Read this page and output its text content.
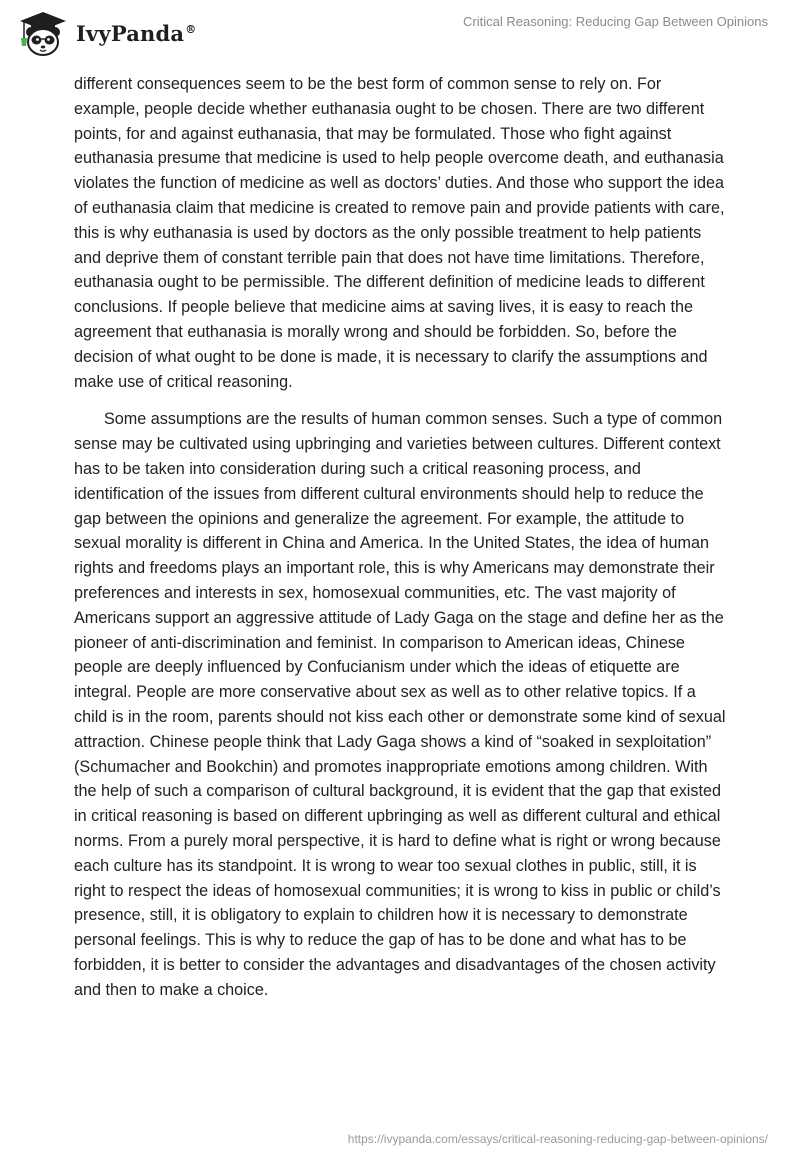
IvyPanda®	Critical Reasoning: Reducing Gap Between Opinions

different consequences seem to be the best form of common sense to rely on. For example, people decide whether euthanasia ought to be chosen. There are two different points, for and against euthanasia, that may be formulated. Those who fight against euthanasia presume that medicine is used to help people overcome death, and euthanasia violates the function of medicine as well as doctors’ duties. And those who support the idea of euthanasia claim that medicine is created to remove pain and provide patients with care, this is why euthanasia is used by doctors as the only possible treatment to help patients and deprive them of constant terrible pain that does not have time limitations. Therefore, euthanasia ought to be permissible. The different definition of medicine leads to different conclusions. If people believe that medicine aims at saving lives, it is easy to reach the agreement that euthanasia is morally wrong and should be forbidden. So, before the decision of what ought to be done is made, it is necessary to clarify the assumptions and make use of critical reasoning.

Some assumptions are the results of human common senses. Such a type of common sense may be cultivated using upbringing and varieties between cultures. Different context has to be taken into consideration during such a critical reasoning process, and identification of the issues from different cultural environments should help to reduce the gap between the opinions and generalize the agreement. For example, the attitude to sexual morality is different in China and America. In the United States, the idea of human rights and freedoms plays an important role, this is why Americans may demonstrate their preferences and interests in sex, homosexual communities, etc. The vast majority of Americans support an aggressive attitude of Lady Gaga on the stage and define her as the pioneer of anti-discrimination and feminist. In comparison to American ideas, Chinese people are deeply influenced by Confucianism under which the ideas of etiquette are integral. People are more conservative about sex as well as to other relative topics. If a child is in the room, parents should not kiss each other or demonstrate some kind of sexual attraction. Chinese people think that Lady Gaga shows a kind of “soaked in sexploitation” (Schumacher and Bookchin) and promotes inappropriate emotions among children. With the help of such a comparison of cultural background, it is evident that the gap that existed in critical reasoning is based on different upbringing as well as different cultural and ethical norms. From a purely moral perspective, it is hard to define what is right or wrong because each culture has its standpoint. It is wrong to wear too sexual clothes in public, still, it is right to respect the ideas of homosexual communities; it is wrong to kiss in public or child’s presence, still, it is obligatory to explain to children how it is necessary to demonstrate personal feelings. This is why to reduce the gap of has to be done and what has to be forbidden, it is better to consider the advantages and disadvantages of the chosen activity and then to make a choice.

https://ivypanda.com/essays/critical-reasoning-reducing-gap-between-opinions/
